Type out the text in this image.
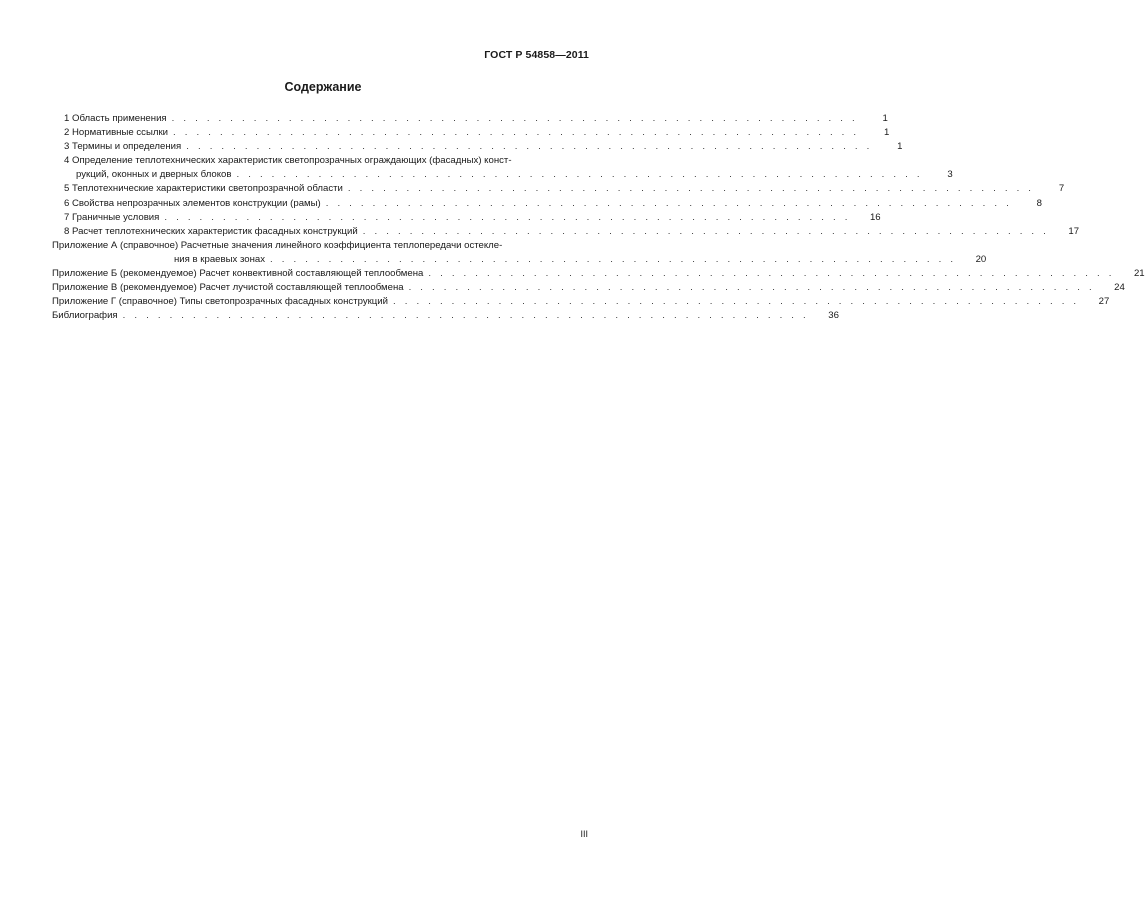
ГОСТ Р 54858—2011
Содержание
1 Область применения . . . . . . . . . . . . . . . . . . . . . . . . . . . . . . . . . . . . . . . . . . . . . . . . . . . . . . . . . . .	1
2 Нормативные ссылки . . . . . . . . . . . . . . . . . . . . . . . . . . . . . . . . . . . . . . . . . . . . . . . . . . . . . . . . . . .	1
3 Термины и определения . . . . . . . . . . . . . . . . . . . . . . . . . . . . . . . . . . . . . . . . . . . . . . . . . . . . . . . . . . .	1
4 Определение теплотехнических характеристик светопрозрачных ограждающих (фасадных) конст-
рукций, оконных и дверных блоков . . . . . . . . . . . . . . . . . . . . . . . . . . . . . . . . . . . . . . . . . . . . . . . . . . . . . . . . . . .	3
5 Теплотехнические характеристики светопрозрачной области . . . . . . . . . . . . . . . . . . . . . . . . . . . . . . . . . . . . . . . . . . . . . . . . . . . . . . . . . . .	7
6 Свойства непрозрачных элементов конструкции (рамы) . . . . . . . . . . . . . . . . . . . . . . . . . . . . . . . . . . . . . . . . . . . . . . . . . . . . . . . . . . .	8
7 Граничные условия . . . . . . . . . . . . . . . . . . . . . . . . . . . . . . . . . . . . . . . . . . . . . . . . . . . . . . . . . . .	16
8 Расчет теплотехнических характеристик фасадных конструкций . . . . . . . . . . . . . . . . . . . . . . . . . . . . . . . . . . . . . . . . . . . . . . . . . . . . . . . . . . .	17
Приложение А (справочное) Расчетные значения линейного коэффициента теплопередачи остекле-
ния в краевых зонах . . . . . . . . . . . . . . . . . . . . . . . . . . . . . . . . . . . . . . . . . . . . . . . . . . . . . . . . . . .	20
Приложение Б (рекомендуемое) Расчет конвективной составляющей теплообмена . . . . . . . . . . . . . . . . . . . . . . . . . . . . . . . . . . . . . . . . . . . . . . . . . . . . . . . . . . .	21
Приложение В (рекомендуемое) Расчет лучистой составляющей теплообмена . . . . . . . . . . . . . . . . . . . . . . . . . . . . . . . . . . . . . . . . . . . . . . . . . . . . . . . . . . .	24
Приложение Г (справочное) Типы светопрозрачных фасадных конструкций . . . . . . . . . . . . . . . . . . . . . . . . . . . . . . . . . . . . . . . . . . . . . . . . . . . . . . . . . . .	27
Библиография . . . . . . . . . . . . . . . . . . . . . . . . . . . . . . . . . . . . . . . . . . . . . . . . . . . . . . . . . . .	36
III
